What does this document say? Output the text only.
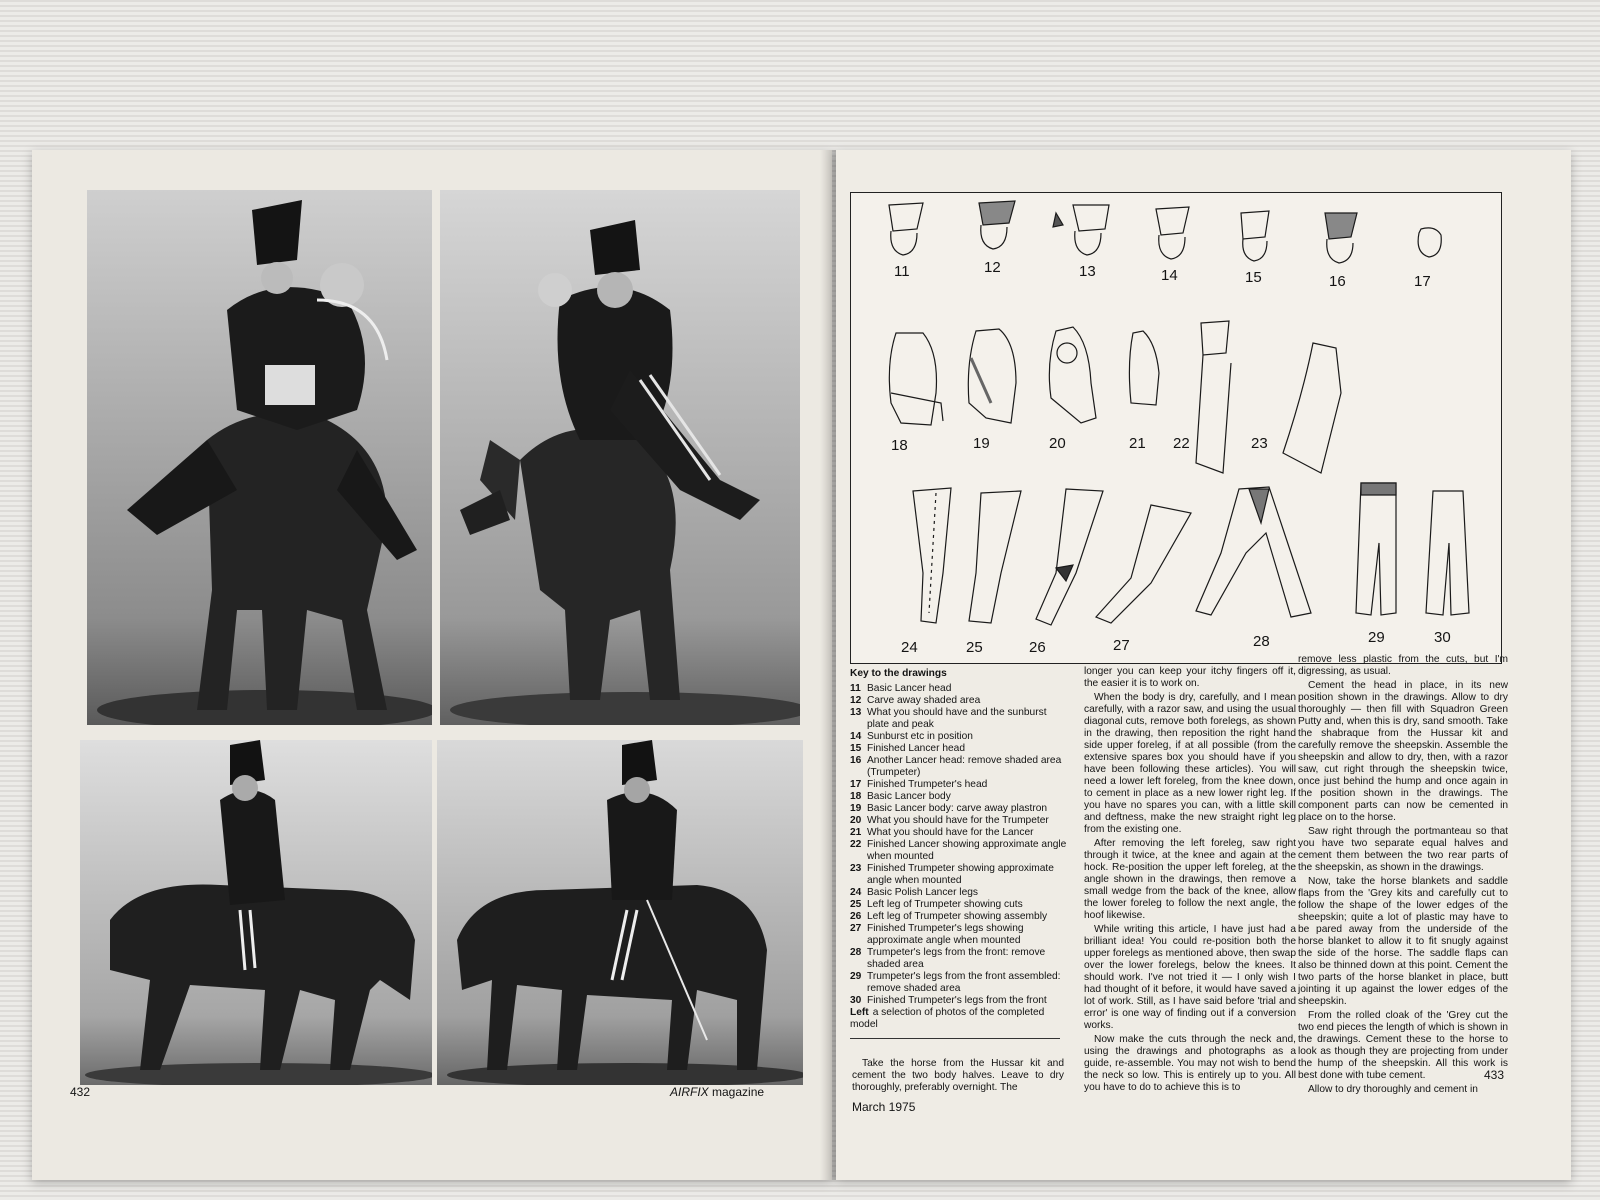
432	AIRFIX magazine
11	12	13	14	15	16	17
18	19	20	21 22	23
24	25	26	27	28	29	30
Key to the drawings
11 Basic Lancer head
12 Carve away shaded area
13 What you should have and the sunburst plate and peak
14 Sunburst etc in position
15 Finished Lancer head
16 Another Lancer head: remove shaded area (Trumpeter)
17 Finished Trumpeter's head
18 Basic Lancer body
19 Basic Lancer body: carve away plastron
20 What you should have for the Trumpeter
21 What you should have for the Lancer
22 Finished Lancer showing approximate angle when mounted
23 Finished Trumpeter showing approximate angle when mounted
24 Basic Polish Lancer legs
25 Left leg of Trumpeter showing cuts
26 Left leg of Trumpeter showing assembly
27 Finished Trumpeter's legs showing approximate angle when mounted
28 Trumpeter's legs from the front: remove shaded area
29 Trumpeter's legs from the front assembled: remove shaded area
30 Finished Trumpeter's legs from the front
Left a selection of photos of the completed model

Take the horse from the Hussar kit and cement the two body halves. Leave to dry thoroughly, preferably overnight. The

March 1975

longer you can keep your itchy fingers off it, the easier it is to work on.

When the body is dry, carefully, and I mean carefully, with a razor saw, and using the usual diagonal cuts, remove both forelegs, as shown in the drawing, then reposition the right hand side upper foreleg, if at all possible (from the extensive spares box you should have if you have been following these articles). You will need a lower left foreleg, from the knee down, to cement in place as a new lower right leg. If you have no spares you can, with a little skill and deftness, make the new straight right leg from the existing one.

After removing the left foreleg, saw right through it twice, at the knee and again at the hock. Re-position the upper left foreleg, at the angle shown in the drawings, then remove a small wedge from the back of the knee, allow the lower foreleg to follow the next angle, the hoof likewise.

While writing this article, I have just had a brilliant idea! You could re-position both the upper forelegs as mentioned above, then swap over the lower forelegs, below the knees. It should work. I've not tried it — I only wish I had thought of it before, it would have saved a lot of work. Still, as I have said before 'trial and error' is one way of finding out if a conversion works.

Now make the cuts through the neck and, using the drawings and photographs as a guide, re-assemble. You may not wish to bend the neck so low. This is entirely up to you. All you have to do to achieve this is to

remove less plastic from the cuts, but I'm digressing, as usual.

Cement the head in place, in its new position shown in the drawings. Allow to dry thoroughly — then fill with Squadron Green Putty and, when this is dry, sand smooth. Take the shabraque from the Hussar kit and carefully remove the sheepskin. Assemble the sheepskin and allow to dry, then, with a razor saw, cut right through the sheepskin twice, once just behind the hump and once again in the position shown in the drawings. The component parts can now be cemented in place on to the horse.

Saw right through the portmanteau so that you have two separate equal halves and cement them between the two rear parts of the sheepskin, as shown in the drawings.

Now, take the horse blankets and saddle flaps from the 'Grey kits and carefully cut to follow the shape of the lower edges of the sheepskin; quite a lot of plastic may have to be pared away from the underside of the horse blanket to allow it to fit snugly against the side of the horse. The saddle flaps can also be thinned down at this point. Cement the two parts of the horse blanket in place, butt jointing it up against the lower edges of the sheepskin.

From the rolled cloak of the 'Grey cut the two end pieces the length of which is shown in the drawings. Cement these to the horse to look as though they are projecting from under the hump of the sheepskin. All this work is best done with tube cement.

Allow to dry thoroughly and cement in

433
